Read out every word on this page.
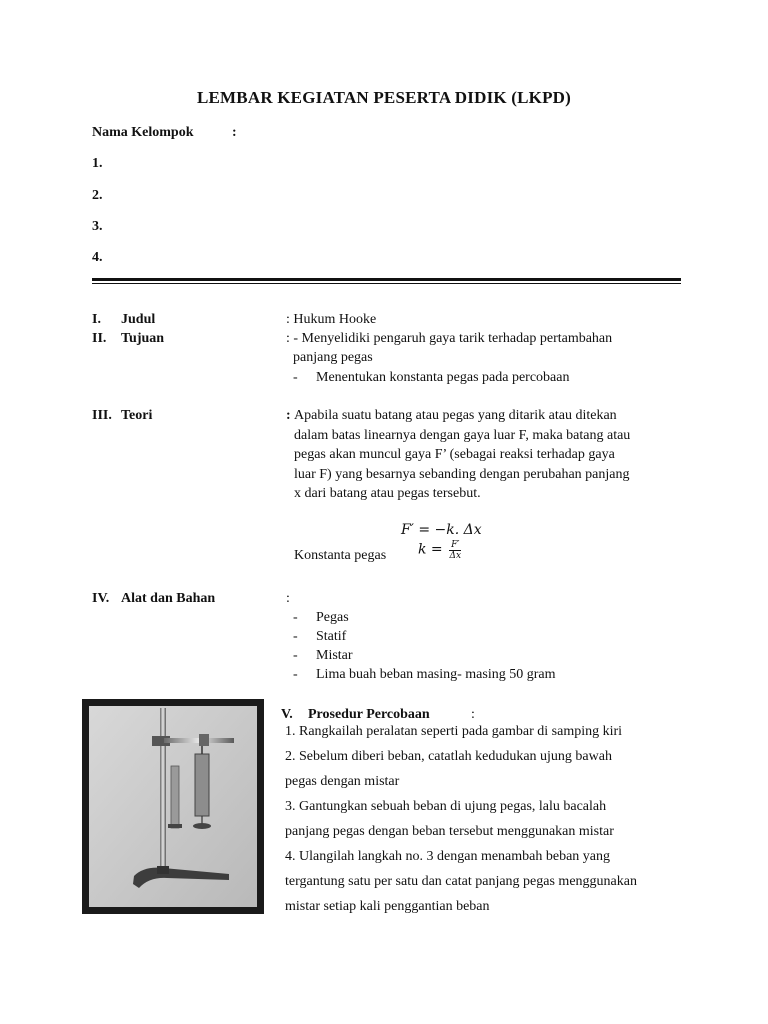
LEMBAR KEGIATAN PESERTA DIDIK (LKPD)
Nama Kelompok	:
1.
2.
3.
4.
I. Judul	: Hukum Hooke
II. Tujuan	: - Menyelidiki pengaruh gaya tarik terhadap pertambahan
panjang pegas
- Menentukan konstanta pegas pada percobaan
III. Teori	: Apabila suatu batang atau pegas yang ditarik atau ditekan
dalam batas linearnya dengan gaya luar F, maka batang atau
pegas akan muncul gaya F’ (sebagai reaksi terhadap gaya
luar F) yang besarnya sebanding dengan perubahan panjang
x dari batang atau pegas tersebut.
F′ = −k. Δx
Konstanta pegas $k = \frac{F'}{\Delta x}$
IV. Alat dan Bahan	:
- Pegas
- Statif
- Mistar
- Lima buah beban masing- masing 50 gram
V. Prosedur Percobaan	:

1. Rangkailah peralatan seperti pada gambar di samping kiri

2. Sebelum diberi beban, catatlah kedudukan ujung bawah

pegas dengan mistar

3. Gantungkan sebuah beban di ujung pegas, lalu bacalah

panjang pegas dengan beban tersebut menggunakan mistar

4. Ulangilah langkah no. 3 dengan menambah beban yang

tergantung satu per satu dan catat panjang pegas menggunakan

mistar setiap kali penggantian beban
